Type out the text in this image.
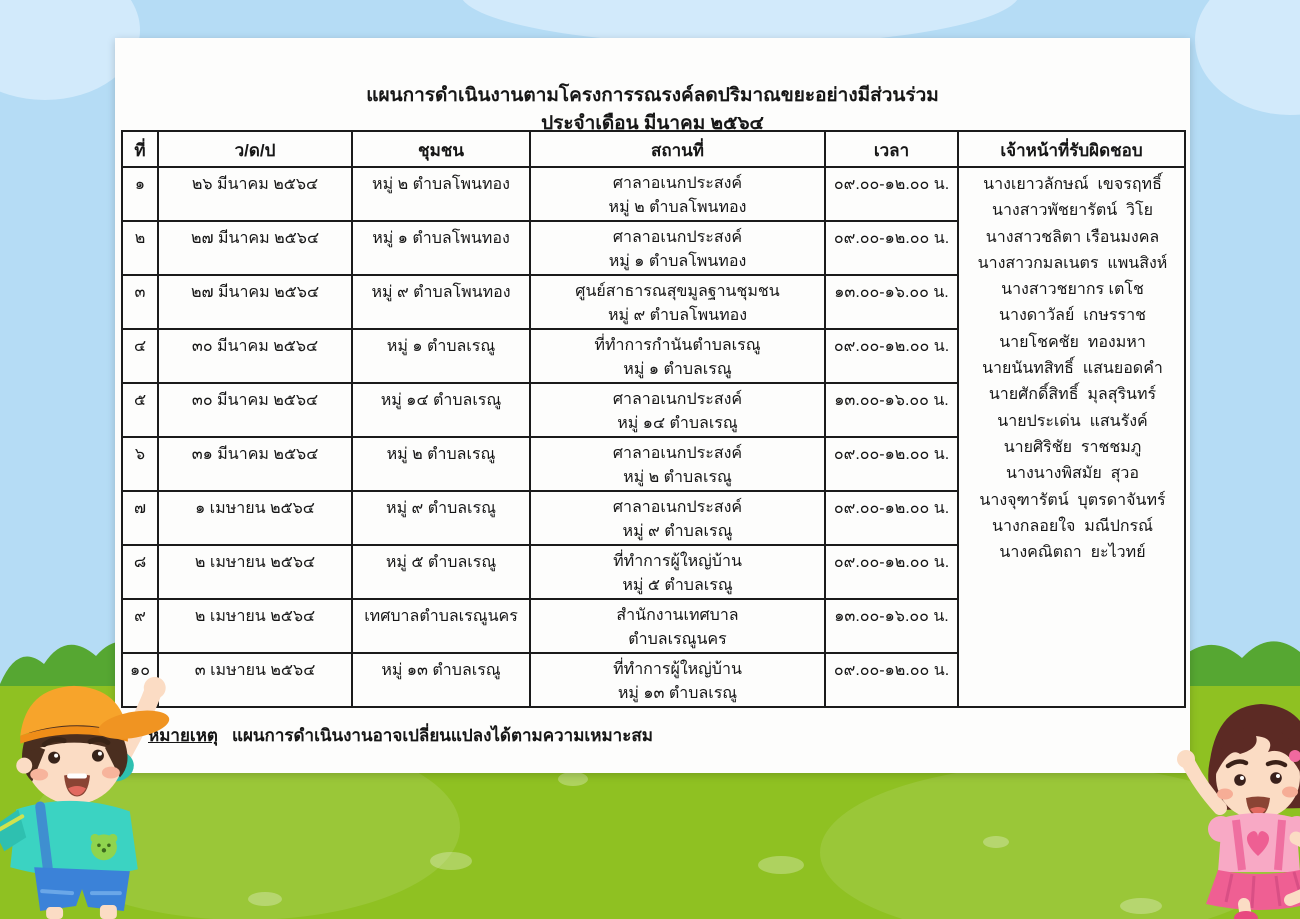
แผนการดำเนินงานตามโครงการรณรงค์ลดปริมาณขยะอย่างมีส่วนร่วม
ประจำเดือน มีนาคม ๒๕๖๔
ที่	ว/ด/ป	ชุมชน	สถานที่	เวลา	เจ้าหน้าที่รับผิดชอบ
๑	๒๖ มีนาคม ๒๕๖๔	หมู่ ๒ ตำบลโพนทอง	ศาลาอเนกประสงค์
หมู่ ๒ ตำบลโพนทอง
	๐๙.๐๐-๑๒.๐๐ น.	นางเยาวลักษณ์  เขจรฤทธิ์
นางสาวพัชยารัตน์  วิโย
นางสาวชลิตา เรือนมงคล
นางสาวกมลเนตร  แพนสิงห์
นางสาวชยากร เตโช
นางดาวัลย์  เกษรราช
นายโชคชัย  ทองมหา
นายนันทสิทธิ์  แสนยอดคำ
นายศักดิ์สิทธิ์  มุลสุรินทร์
นายประเด่น  แสนรังค์
นายศิริชัย  ราชชมภู
นางนางพิสมัย  สุวอ
นางจุฑารัตน์  บุตรดาจันทร์
นางกลอยใจ  มณีปกรณ์
นางคณิตถา  ยะไวทย์

๒	๒๗ มีนาคม ๒๕๖๔	หมู่ ๑ ตำบลโพนทอง	ศาลาอเนกประสงค์
หมู่ ๑ ตำบลโพนทอง	๐๙.๐๐-๑๒.๐๐ น.	
๓	๒๗ มีนาคม ๒๕๖๔	หมู่ ๙ ตำบลโพนทอง	ศูนย์สาธารณสุขมูลฐานชุมชน
หมู่ ๙ ตำบลโพนทอง	๑๓.๐๐-๑๖.๐๐ น.	
๔	๓๐ มีนาคม ๒๕๖๔	หมู่ ๑ ตำบลเรณู	ที่ทำการกำนันตำบลเรณู
หมู่ ๑ ตำบลเรณู	๐๙.๐๐-๑๒.๐๐ น.	
๕	๓๐ มีนาคม ๒๕๖๔	หมู่ ๑๔ ตำบลเรณู	ศาลาอเนกประสงค์
หมู่ ๑๔ ตำบลเรณู	๑๓.๐๐-๑๖.๐๐ น.	
๖	๓๑ มีนาคม ๒๕๖๔	หมู่ ๒ ตำบลเรณู	ศาลาอเนกประสงค์
หมู่ ๒ ตำบลเรณู	๐๙.๐๐-๑๒.๐๐ น.	
๗	๑ เมษายน ๒๕๖๔	หมู่ ๙ ตำบลเรณู	ศาลาอเนกประสงค์
หมู่ ๙ ตำบลเรณู	๐๙.๐๐-๑๒.๐๐ น.	
๘	๒ เมษายน ๒๕๖๔	หมู่ ๕ ตำบลเรณู	ที่ทำการผู้ใหญ่บ้าน
หมู่ ๕ ตำบลเรณู	๐๙.๐๐-๑๒.๐๐ น.	
๙	๒ เมษายน ๒๕๖๔	เทศบาลตำบลเรณูนคร	สำนักงานเทศบาล
ตำบลเรณูนคร	๑๓.๐๐-๑๖.๐๐ น.	
๑๐	๓ เมษายน ๒๕๖๔	หมู่ ๑๓ ตำบลเรณู	ที่ทำการผู้ใหญ่บ้าน
หมู่ ๑๓ ตำบลเรณู	๐๙.๐๐-๑๒.๐๐ น.	
หมายเหตุ แผนการดำเนินงานอาจเปลี่ยนแปลงได้ตามความเหมาะสม
